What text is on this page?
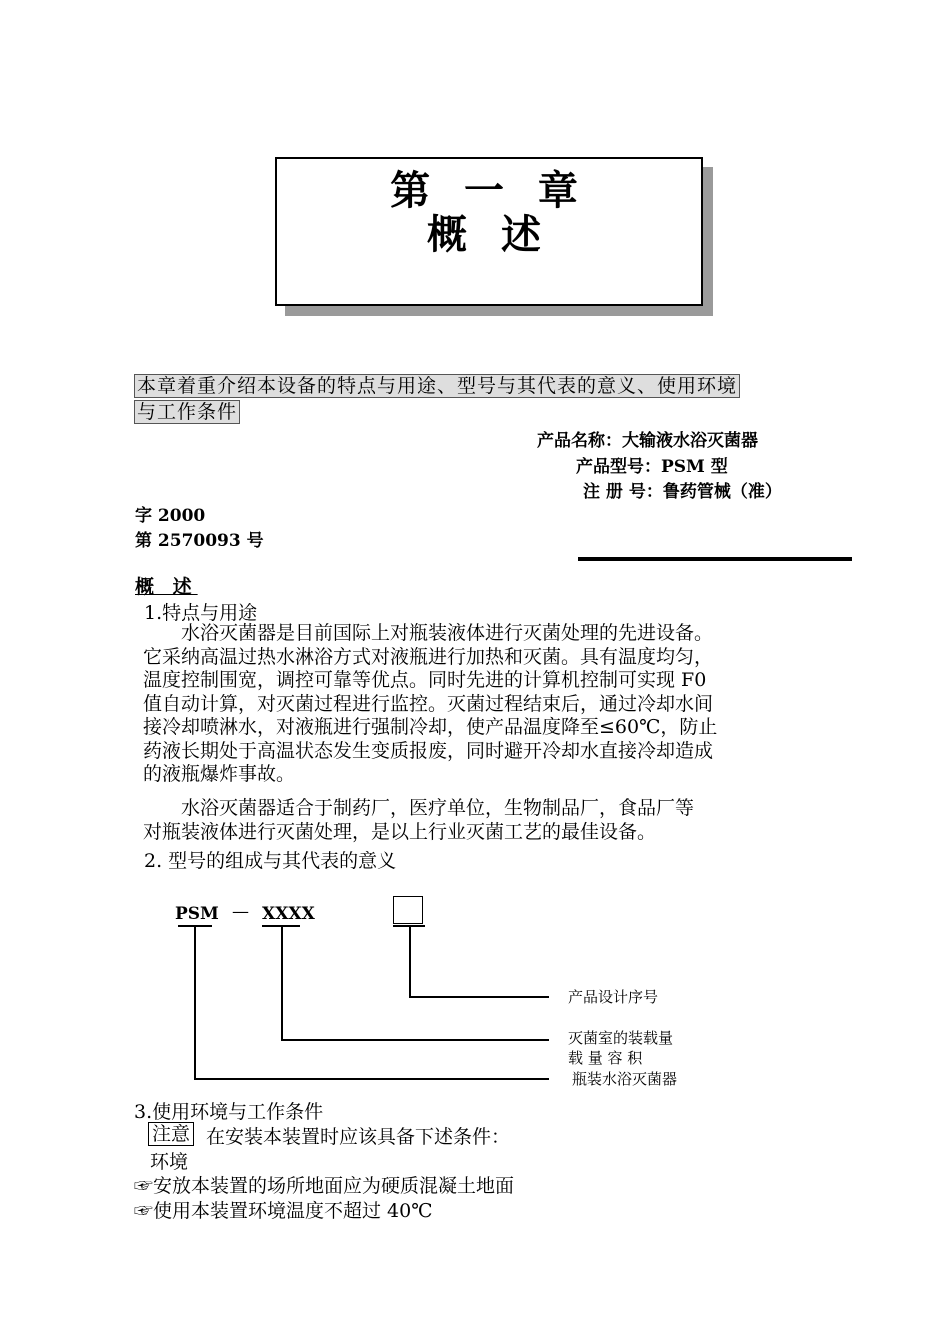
第 一 章
概 述
本章着重介绍本设备的特点与用途、型号与其代表的意义、使用环境
与工作条件
产品名称：大输液水浴灭菌器
产品型号：PSM 型
注 册 号：鲁药管械（准）
字 2000
第 2570093 号
概 述
1.特点与用途
　　水浴灭菌器是目前国际上对瓶装液体进行灭菌处理的先进设备。
它采纳高温过热水淋浴方式对液瓶进行加热和灭菌。具有温度均匀，
温度控制围宽，调控可靠等优点。同时先进的计算机控制可实现 F0
值自动计算，对灭菌过程进行监控。灭菌过程结束后，通过冷却水间
接冷却喷淋水，对液瓶进行强制冷却，使产品温度降至≤60℃，防止
药液长期处于高温状态发生变质报废，同时避开冷却水直接冷却造成
的液瓶爆炸事故。
　　水浴灭菌器适合于制药厂，医疗单位，生物制品厂，食品厂等
对瓶装液体进行灭菌处理，是以上行业灭菌工艺的最佳设备。
2. 型号的组成与其代表的意义
PSM — XXXX
产品设计序号
灭菌室的装载量
载 量 容 积
瓶装水浴灭菌器
3.使用环境与工作条件
注意 在安装本装置时应该具备下述条件：
环境
☞安放本装置的场所地面应为硬质混凝土地面
☞使用本装置环境温度不超过 40℃
